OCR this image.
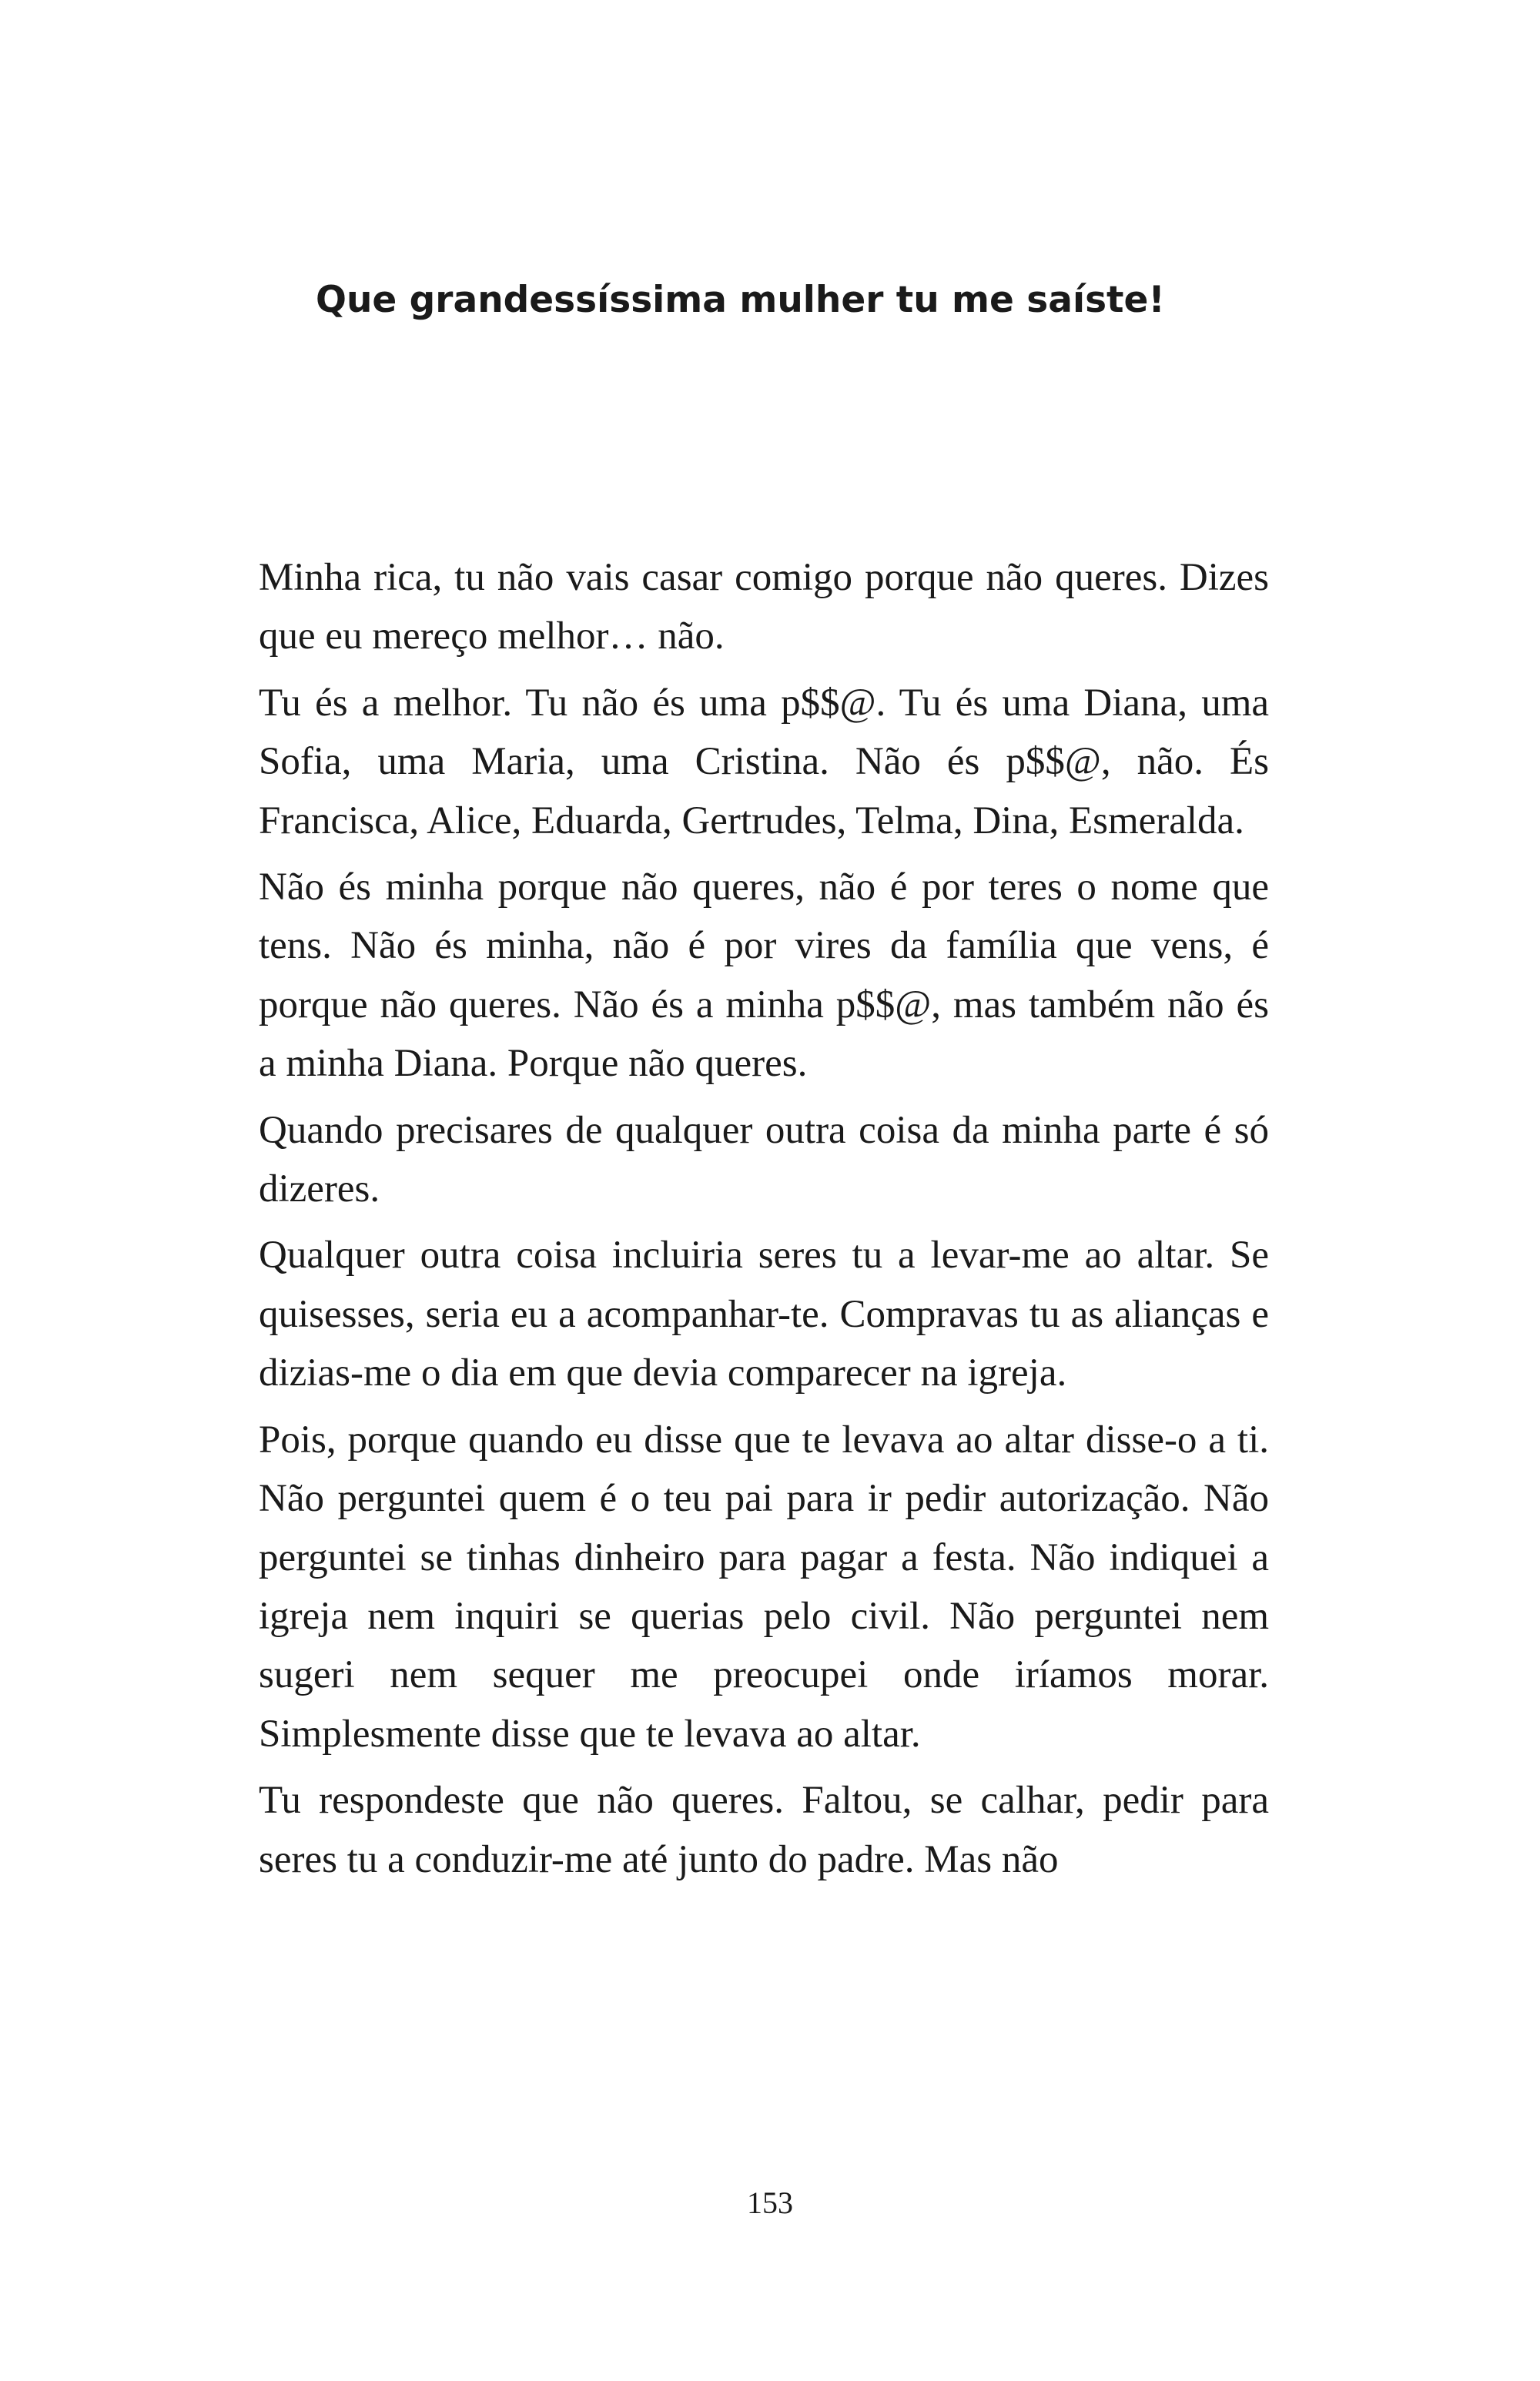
Que grandessíssima mulher tu me saíste!

Minha rica, tu não vais casar comigo porque não queres. Dizes que eu mereço melhor… não.

Tu és a melhor. Tu não és uma p$$@. Tu és uma Diana, uma Sofia, uma Maria, uma Cristina. Não és p$$@, não. És Francisca, Alice, Eduarda, Gertrudes, Telma, Dina, Esmeralda.

Não és minha porque não queres, não é por teres o nome que tens. Não és minha, não é por vires da família que vens, é porque não queres. Não és a minha p$$@, mas também não és a minha Diana. Porque não queres.

Quando precisares de qualquer outra coisa da minha parte é só dizeres.

Qualquer outra coisa incluiria seres tu a levar-me ao altar. Se quisesses, seria eu a acompanhar-te. Compravas tu as alianças e dizias-me o dia em que devia comparecer na igreja.

Pois, porque quando eu disse que te levava ao altar disse-o a ti. Não perguntei quem é o teu pai para ir pedir autorização. Não perguntei se tinhas dinheiro para pagar a festa. Não indiquei a igreja nem inquiri se querias pelo civil. Não perguntei nem sugeri nem sequer me preocupei onde iríamos morar. Simplesmente disse que te levava ao altar.

Tu respondeste que não queres. Faltou, se calhar, pedir para seres tu a conduzir-me até junto do padre. Mas não

153
